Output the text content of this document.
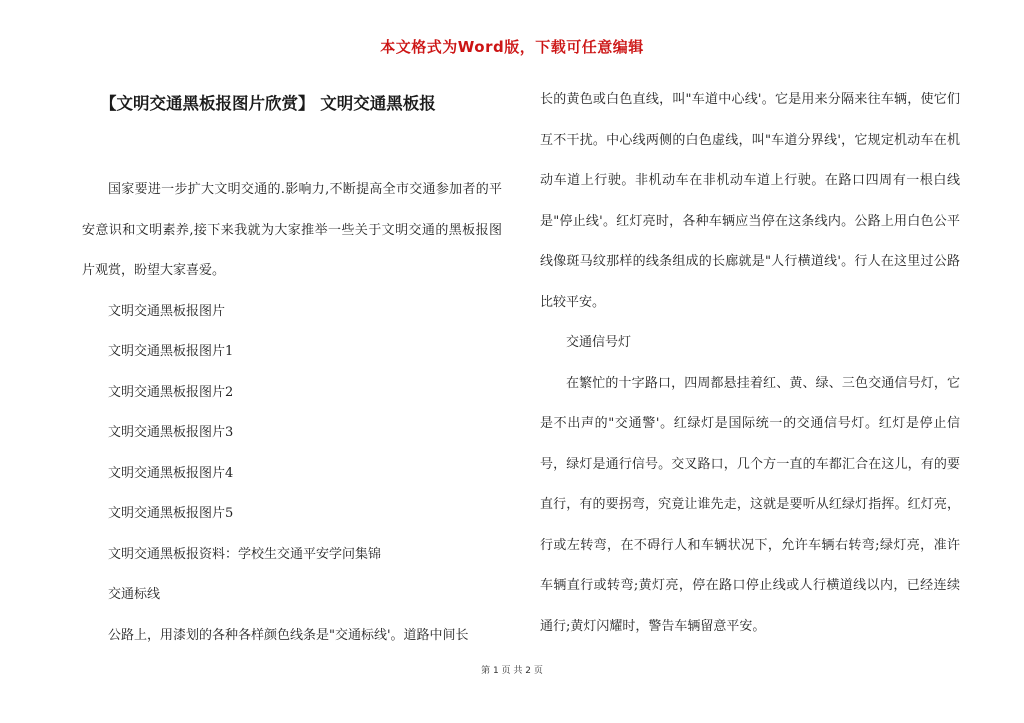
本文格式为Word版，下载可任意编辑
【文明交通黑板报图片欣赏】 文明交通黑板报

国家要进一步扩大文明交通的.影响力,不断提高全市交通参加者的平安意识和文明素养,接下来我就为大家推举一些关于文明交通的黑板报图片观赏，盼望大家喜爱。

文明交通黑板报图片

文明交通黑板报图片1

文明交通黑板报图片2

文明交通黑板报图片3

文明交通黑板报图片4

文明交通黑板报图片5

文明交通黑板报资料：学校生交通平安学问集锦

交通标线

公路上，用漆划的各种各样颜色线条是"交通标线'。道路中间长

长的黄色或白色直线，叫"车道中心线'。它是用来分隔来往车辆，使它们互不干扰。中心线两侧的白色虚线，叫"车道分界线'，它规定机动车在机动车道上行驶。非机动车在非机动车道上行驶。在路口四周有一根白线是"停止线'。红灯亮时，各种车辆应当停在这条线内。公路上用白色公平线像斑马纹那样的线条组成的长廊就是"人行横道线'。行人在这里过公路比较平安。

交通信号灯

在繁忙的十字路口，四周都悬挂着红、黄、绿、三色交通信号灯，它是不出声的"交通警'。红绿灯是国际统一的交通信号灯。红灯是停止信号，绿灯是通行信号。交叉路口，几个方一直的车都汇合在这儿，有的要直行，有的要拐弯，究竟让谁先走，这就是要听从红绿灯指挥。红灯亮，行或左转弯，在不碍行人和车辆状况下，允许车辆右转弯;绿灯亮，准许车辆直行或转弯;黄灯亮，停在路口停止线或人行横道线以内，已经连续通行;黄灯闪耀时，警告车辆留意平安。

第 1 页 共 2 页
